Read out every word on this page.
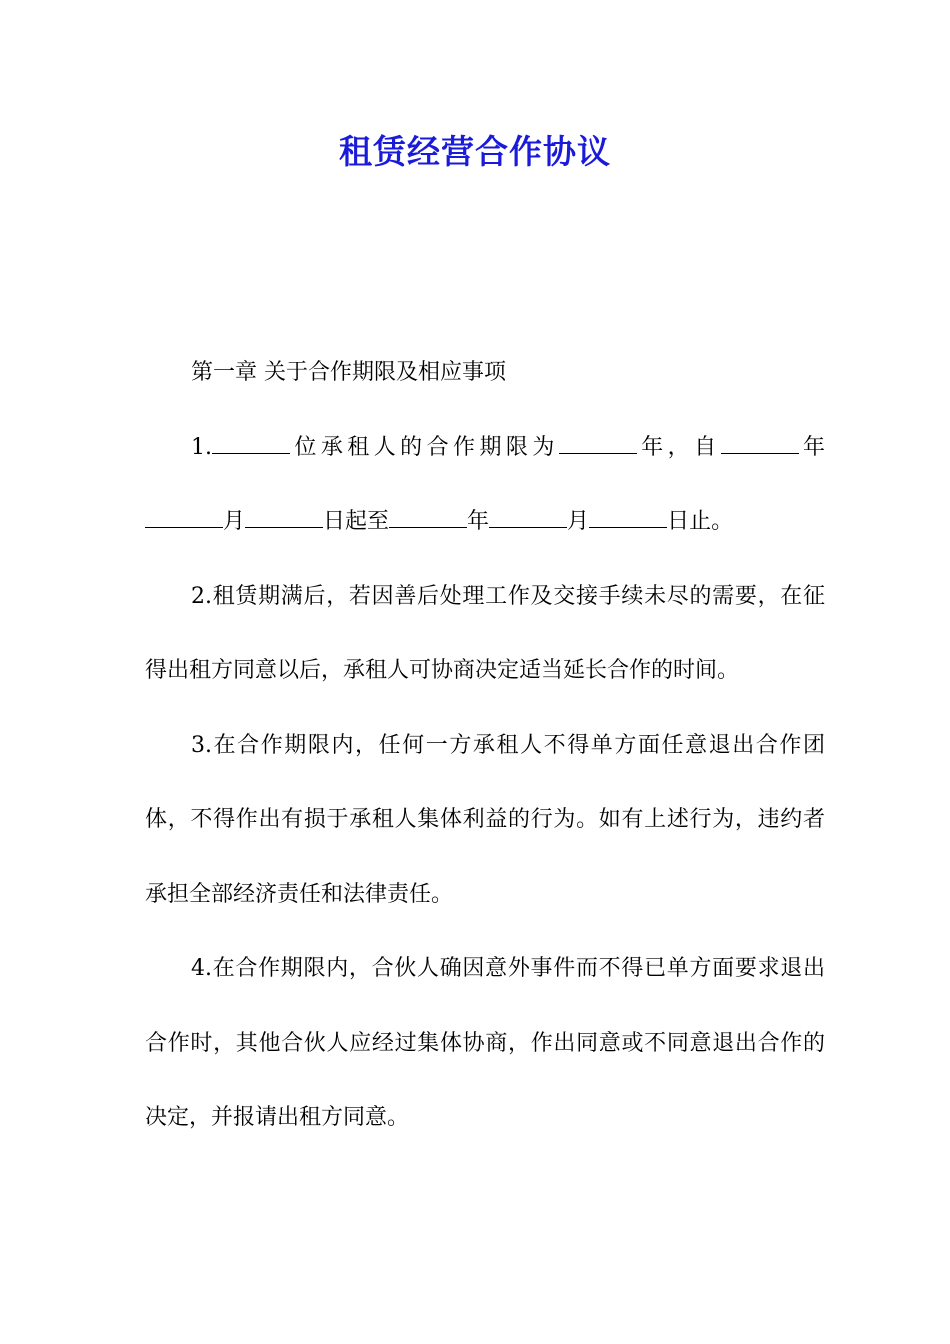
租赁经营合作协议

第一章 关于合作期限及相应事项

1.	位承租人的合作期限为	年，自	年月	日起至	年	月	日止。

2.租赁期满后，若因善后处理工作及交接手续未尽的需要，在征得出租方同意以后，承租人可协商决定适当延长合作的时间。

3.在合作期限内，任何一方承租人不得单方面任意退出合作团体，不得作出有损于承租人集体利益的行为。如有上述行为，违约者承担全部经济责任和法律责任。

4.在合作期限内，合伙人确因意外事件而不得已单方面要求退出合作时，其他合伙人应经过集体协商，作出同意或不同意退出合作的决定，并报请出租方同意。
